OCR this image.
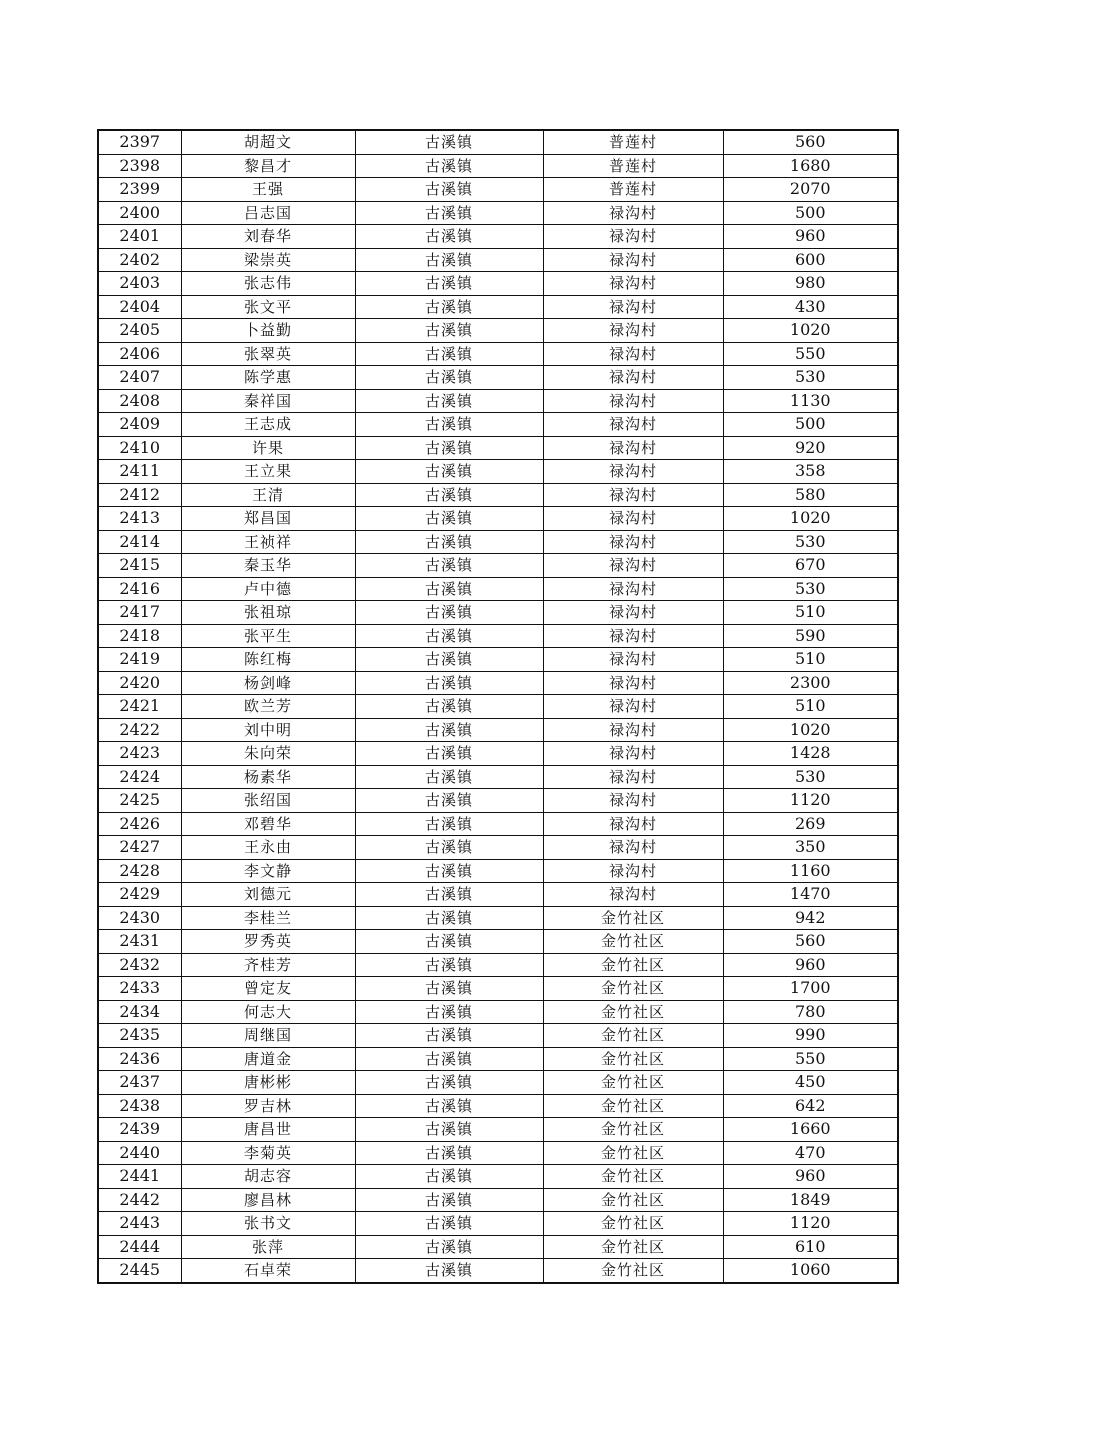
2397	胡超文	古溪镇	普莲村	560
2398	黎昌才	古溪镇	普莲村	1680
2399	王强	古溪镇	普莲村	2070
2400	吕志国	古溪镇	禄沟村	500
2401	刘春华	古溪镇	禄沟村	960
2402	梁崇英	古溪镇	禄沟村	600
2403	张志伟	古溪镇	禄沟村	980
2404	张文平	古溪镇	禄沟村	430
2405	卜益勤	古溪镇	禄沟村	1020
2406	张翠英	古溪镇	禄沟村	550
2407	陈学惠	古溪镇	禄沟村	530
2408	秦祥国	古溪镇	禄沟村	1130
2409	王志成	古溪镇	禄沟村	500
2410	许果	古溪镇	禄沟村	920
2411	王立果	古溪镇	禄沟村	358
2412	王清	古溪镇	禄沟村	580
2413	郑昌国	古溪镇	禄沟村	1020
2414	王祯祥	古溪镇	禄沟村	530
2415	秦玉华	古溪镇	禄沟村	670
2416	卢中德	古溪镇	禄沟村	530
2417	张祖琼	古溪镇	禄沟村	510
2418	张平生	古溪镇	禄沟村	590
2419	陈红梅	古溪镇	禄沟村	510
2420	杨剑峰	古溪镇	禄沟村	2300
2421	欧兰芳	古溪镇	禄沟村	510
2422	刘中明	古溪镇	禄沟村	1020
2423	朱向荣	古溪镇	禄沟村	1428
2424	杨素华	古溪镇	禄沟村	530
2425	张绍国	古溪镇	禄沟村	1120
2426	邓碧华	古溪镇	禄沟村	269
2427	王永由	古溪镇	禄沟村	350
2428	李文静	古溪镇	禄沟村	1160
2429	刘德元	古溪镇	禄沟村	1470
2430	李桂兰	古溪镇	金竹社区	942
2431	罗秀英	古溪镇	金竹社区	560
2432	齐桂芳	古溪镇	金竹社区	960
2433	曾定友	古溪镇	金竹社区	1700
2434	何志大	古溪镇	金竹社区	780
2435	周继国	古溪镇	金竹社区	990
2436	唐道金	古溪镇	金竹社区	550
2437	唐彬彬	古溪镇	金竹社区	450
2438	罗吉林	古溪镇	金竹社区	642
2439	唐昌世	古溪镇	金竹社区	1660
2440	李菊英	古溪镇	金竹社区	470
2441	胡志容	古溪镇	金竹社区	960
2442	廖昌林	古溪镇	金竹社区	1849
2443	张书文	古溪镇	金竹社区	1120
2444	张萍	古溪镇	金竹社区	610
2445	石卓荣	古溪镇	金竹社区	1060
